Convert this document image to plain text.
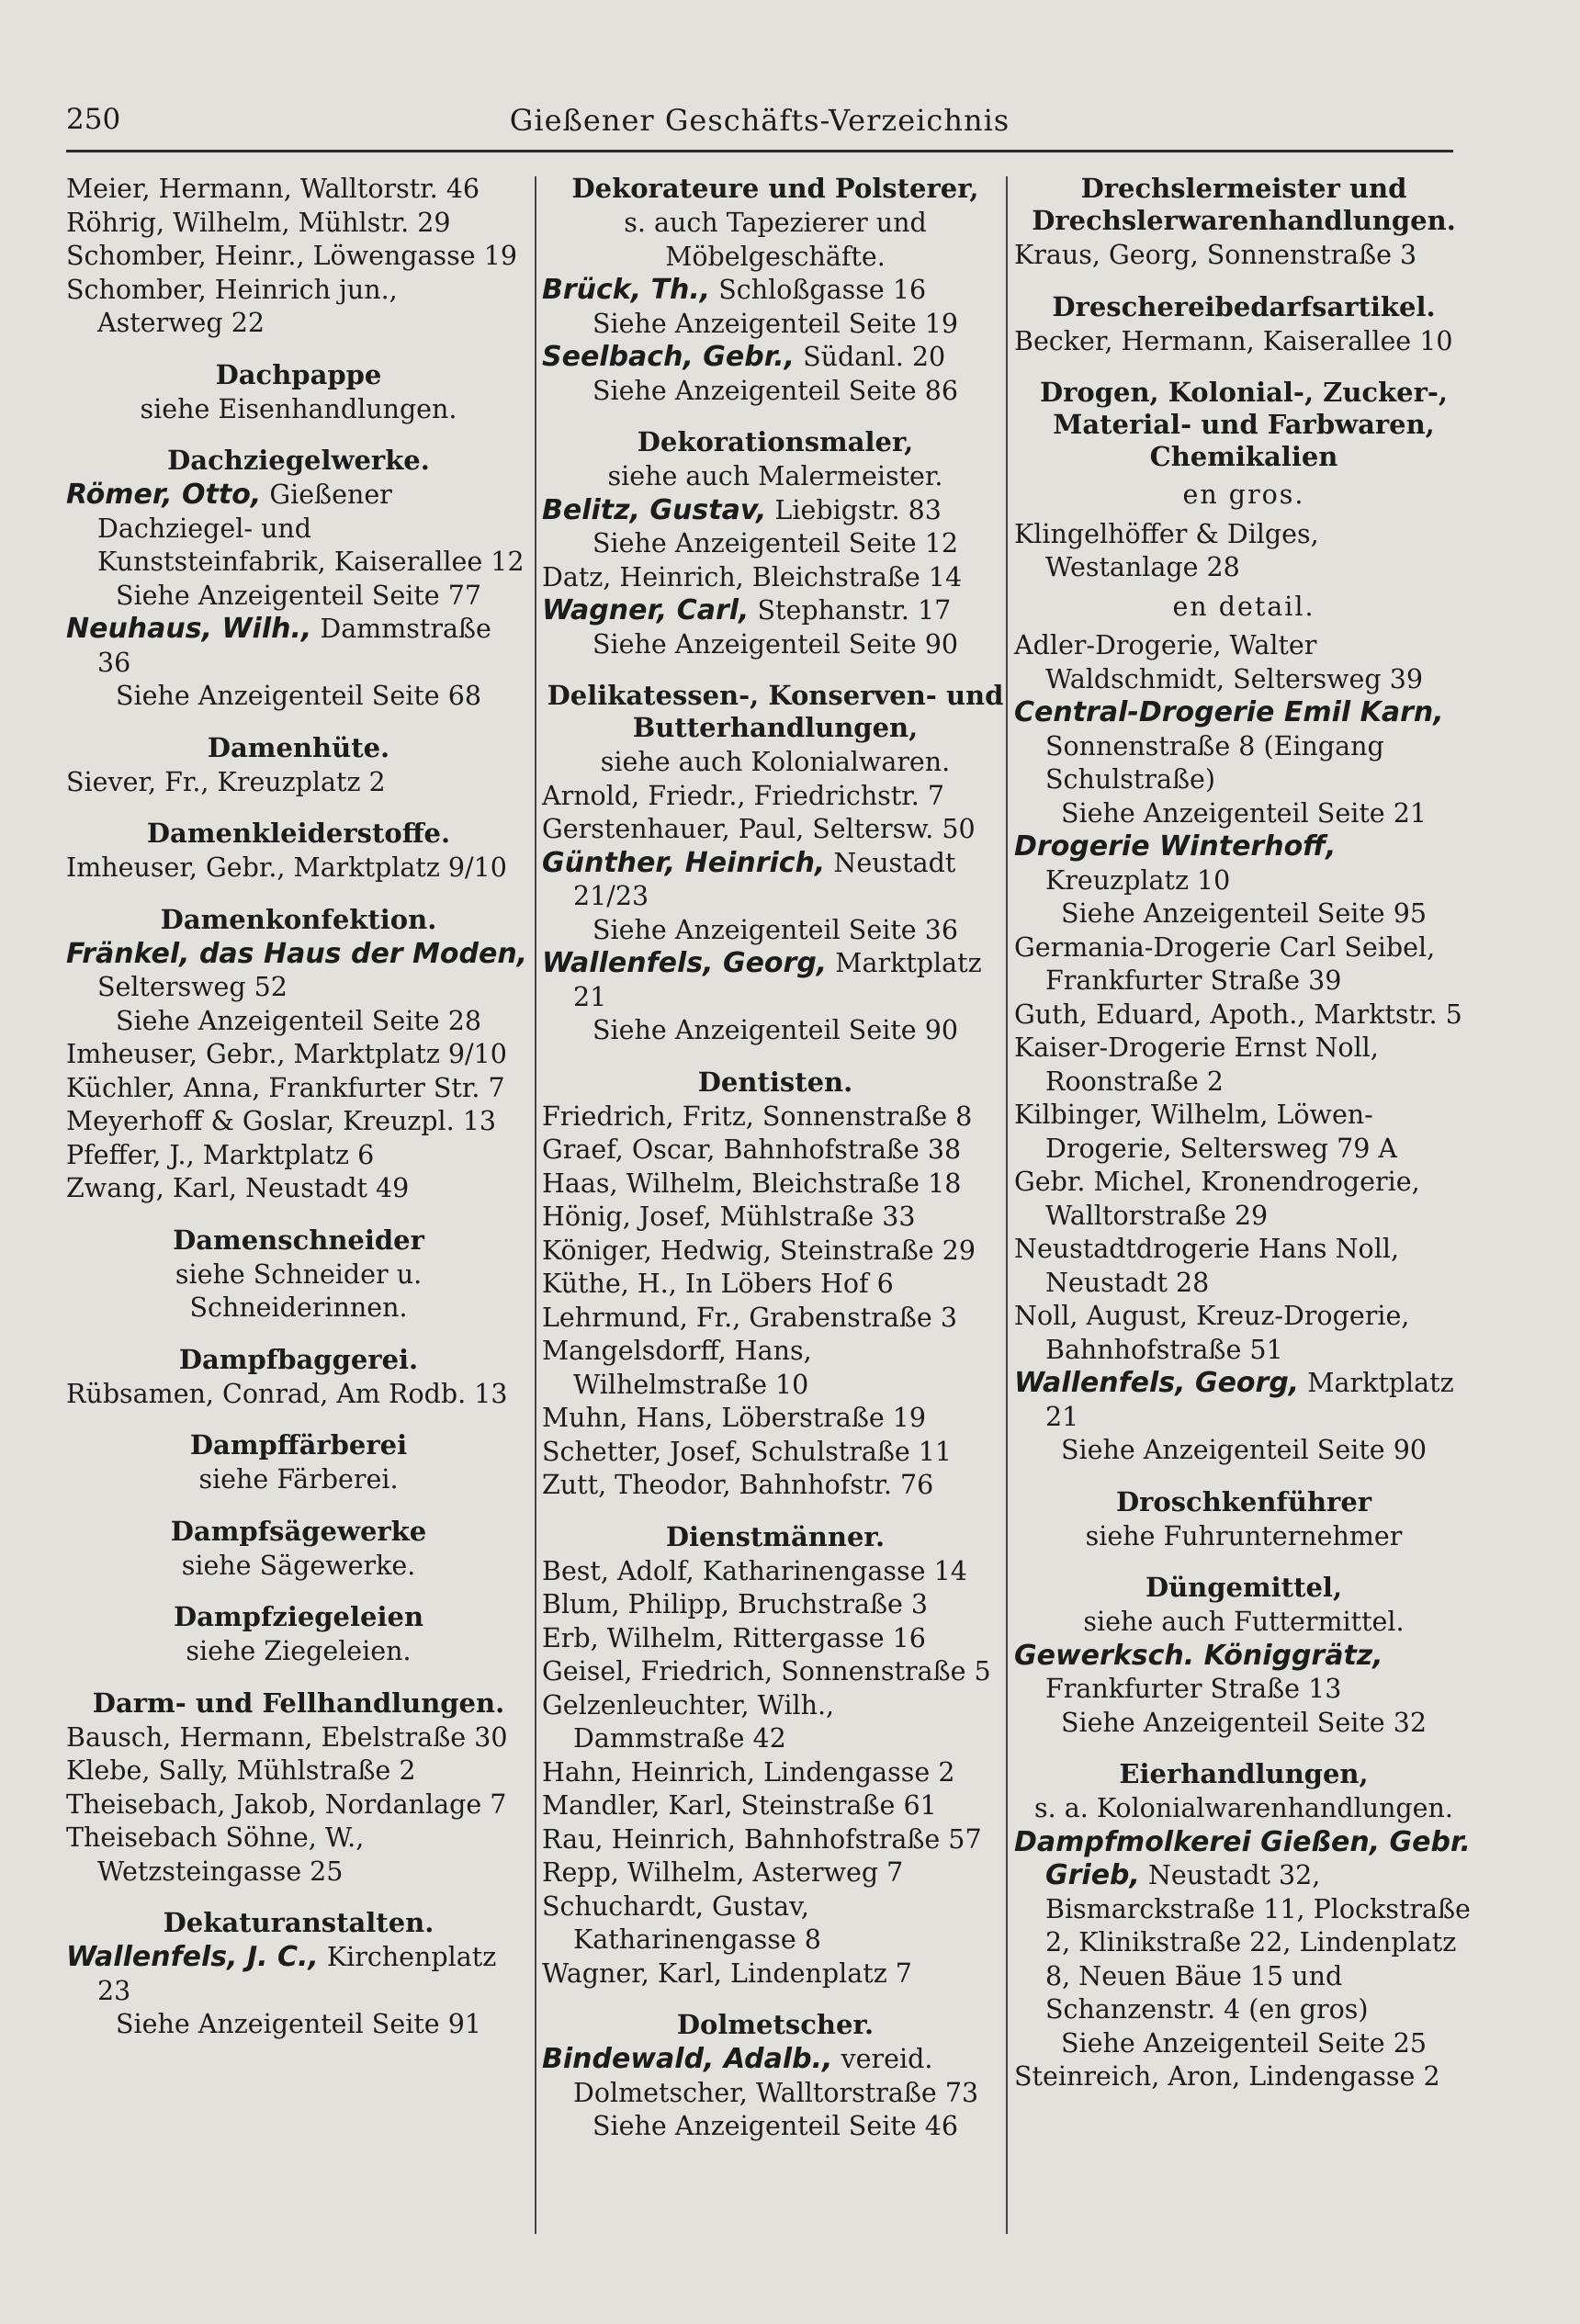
250	Gießener Geschäfts-Verzeichnis

Meier, Hermann, Walltorstr. 46

Röhrig, Wilhelm, Mühlstr. 29

Schomber, Heinr., Löwengasse 19

Schomber, Heinrich jun., Asterweg 22

Dachpappe
siehe Eisenhandlungen.
Dachziegelwerke.

Römer, Otto, Gießener Dachziegel- und Kunststeinfabrik, Kaiserallee 12

Siehe Anzeigenteil Seite 77

Neuhaus, Wilh., Dammstraße 36

Siehe Anzeigenteil Seite 68
Damenhüte.

Siever, Fr., Kreuzplatz 2

Damenkleiderstoffe.

Imheuser, Gebr., Marktplatz 9/10

Damenkonfektion.

Fränkel, das Haus der Moden, Seltersweg 52

Siehe Anzeigenteil Seite 28

Imheuser, Gebr., Marktplatz 9/10

Küchler, Anna, Frankfurter Str. 7

Meyerhoff & Goslar, Kreuzpl. 13

Pfeffer, J., Marktplatz 6

Zwang, Karl, Neustadt 49

Damenschneider
siehe Schneider u. Schneiderinnen.
Dampfbaggerei.

Rübsamen, Conrad, Am Rodb. 13

Dampffärberei
siehe Färberei.
Dampfsägewerke
siehe Sägewerke.
Dampfziegeleien
siehe Ziegeleien.
Darm- und Fellhandlungen.

Bausch, Hermann, Ebelstraße 30

Klebe, Sally, Mühlstraße 2

Theisebach, Jakob, Nordanlage 7

Theisebach Söhne, W., Wetzsteingasse 25

Dekaturanstalten.

Wallenfels, J. C., Kirchenplatz 23

Siehe Anzeigenteil Seite 91
Dekorateure und Polsterer,
s. auch Tapezierer und Möbelgeschäfte.

Brück, Th., Schloßgasse 16

Siehe Anzeigenteil Seite 19

Seelbach, Gebr., Südanl. 20

Siehe Anzeigenteil Seite 86
Dekorationsmaler,
siehe auch Malermeister.

Belitz, Gustav, Liebigstr. 83

Siehe Anzeigenteil Seite 12

Datz, Heinrich, Bleichstraße 14

Wagner, Carl, Stephanstr. 17

Siehe Anzeigenteil Seite 90
Delikatessen-, Konserven- und Butterhandlungen,
siehe auch Kolonialwaren.

Arnold, Friedr., Friedrichstr. 7

Gerstenhauer, Paul, Seltersw. 50

Günther, Heinrich, Neustadt 21/23

Siehe Anzeigenteil Seite 36

Wallenfels, Georg, Marktplatz 21

Siehe Anzeigenteil Seite 90
Dentisten.

Friedrich, Fritz, Sonnenstraße 8

Graef, Oscar, Bahnhofstraße 38

Haas, Wilhelm, Bleichstraße 18

Hönig, Josef, Mühlstraße 33

Königer, Hedwig, Steinstraße 29

Küthe, H., In Löbers Hof 6

Lehrmund, Fr., Grabenstraße 3

Mangelsdorff, Hans, Wilhelmstraße 10

Muhn, Hans, Löberstraße 19

Schetter, Josef, Schulstraße 11

Zutt, Theodor, Bahnhofstr. 76

Dienstmänner.

Best, Adolf, Katharinengasse 14

Blum, Philipp, Bruchstraße 3

Erb, Wilhelm, Rittergasse 16

Geisel, Friedrich, Sonnenstraße 5

Gelzenleuchter, Wilh., Dammstraße 42

Hahn, Heinrich, Lindengasse 2

Mandler, Karl, Steinstraße 61

Rau, Heinrich, Bahnhofstraße 57

Repp, Wilhelm, Asterweg 7

Schuchardt, Gustav, Katharinengasse 8

Wagner, Karl, Lindenplatz 7

Dolmetscher.

Bindewald, Adalb., vereid. Dolmetscher, Walltorstraße 73

Siehe Anzeigenteil Seite 46
Drechslermeister und Drechslerwarenhandlungen.

Kraus, Georg, Sonnenstraße 3

Dreschereibedarfsartikel.

Becker, Hermann, Kaiserallee 10

Drogen, Kolonial-, Zucker-, Material- und Farbwaren, Chemikalien
en gros.

Klingelhöffer & Dilges, Westanlage 28

en detail.

Adler-Drogerie, Walter Waldschmidt, Seltersweg 39

Central-Drogerie Emil Karn, Sonnenstraße 8 (Eingang Schulstraße)

Siehe Anzeigenteil Seite 21

Drogerie Winterhoff, Kreuzplatz 10

Siehe Anzeigenteil Seite 95

Germania-Drogerie Carl Seibel, Frankfurter Straße 39

Guth, Eduard, Apoth., Marktstr. 5

Kaiser-Drogerie Ernst Noll, Roonstraße 2

Kilbinger, Wilhelm, Löwen-Drogerie, Seltersweg 79 A

Gebr. Michel, Kronendrogerie, Walltorstraße 29

Neustadtdrogerie Hans Noll, Neustadt 28

Noll, August, Kreuz-Drogerie, Bahnhofstraße 51

Wallenfels, Georg, Marktplatz 21

Siehe Anzeigenteil Seite 90
Droschkenführer
siehe Fuhrunternehmer
Düngemittel,
siehe auch Futtermittel.

Gewerksch. Königgrätz, Frankfurter Straße 13

Siehe Anzeigenteil Seite 32
Eierhandlungen,
s. a. Kolonialwarenhandlungen.

Dampfmolkerei Gießen, Gebr. Grieb, Neustadt 32, Bismarckstraße 11, Plockstraße 2, Klinikstraße 22, Lindenplatz 8, Neuen Bäue 15 und Schanzenstr. 4 (en gros)

Siehe Anzeigenteil Seite 25

Steinreich, Aron, Lindengasse 2
